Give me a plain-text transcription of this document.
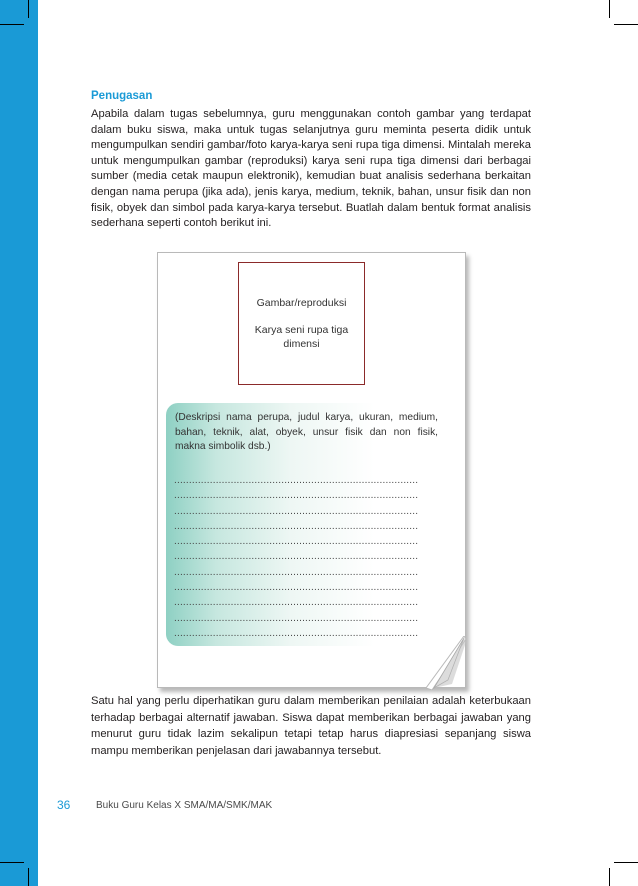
Penugasan

Apabila dalam tugas sebelumnya, guru menggunakan contoh gambar yang terdapat dalam buku siswa, maka untuk tugas selanjutnya guru meminta peserta didik untuk mengumpulkan sendiri gambar/foto karya-karya seni rupa tiga dimensi. Mintalah mereka untuk mengumpulkan gambar (reproduksi) karya seni rupa tiga dimensi dari berbagai sumber (media cetak maupun elektronik), kemudian buat analisis sederhana berkaitan dengan nama perupa (jika ada), jenis karya, medium, teknik, bahan, unsur fisik dan non fisik, obyek dan simbol pada karya-karya tersebut. Buatlah dalam bentuk format analisis sederhana seperti contoh berikut ini.

Gambar/reproduksi
Karya seni rupa tiga dimensi

(Deskripsi nama perupa, judul karya, ukuran, medium, bahan, teknik, alat, obyek, unsur fisik dan non fisik, makna simbolik dsb.)

..................................................................................
..................................................................................
..................................................................................
..................................................................................
..................................................................................
..................................................................................
..................................................................................
..................................................................................
..................................................................................
..................................................................................
..................................................................................

Satu hal yang perlu diperhatikan guru dalam memberikan penilaian adalah keterbukaan terhadap berbagai alternatif jawaban. Siswa dapat memberikan berbagai jawaban yang menurut guru tidak lazim sekalipun tetapi tetap harus diapresiasi sepanjang siswa mampu memberikan penjelasan dari jawabannya tersebut.

36	Buku Guru Kelas X SMA/MA/SMK/MAK
